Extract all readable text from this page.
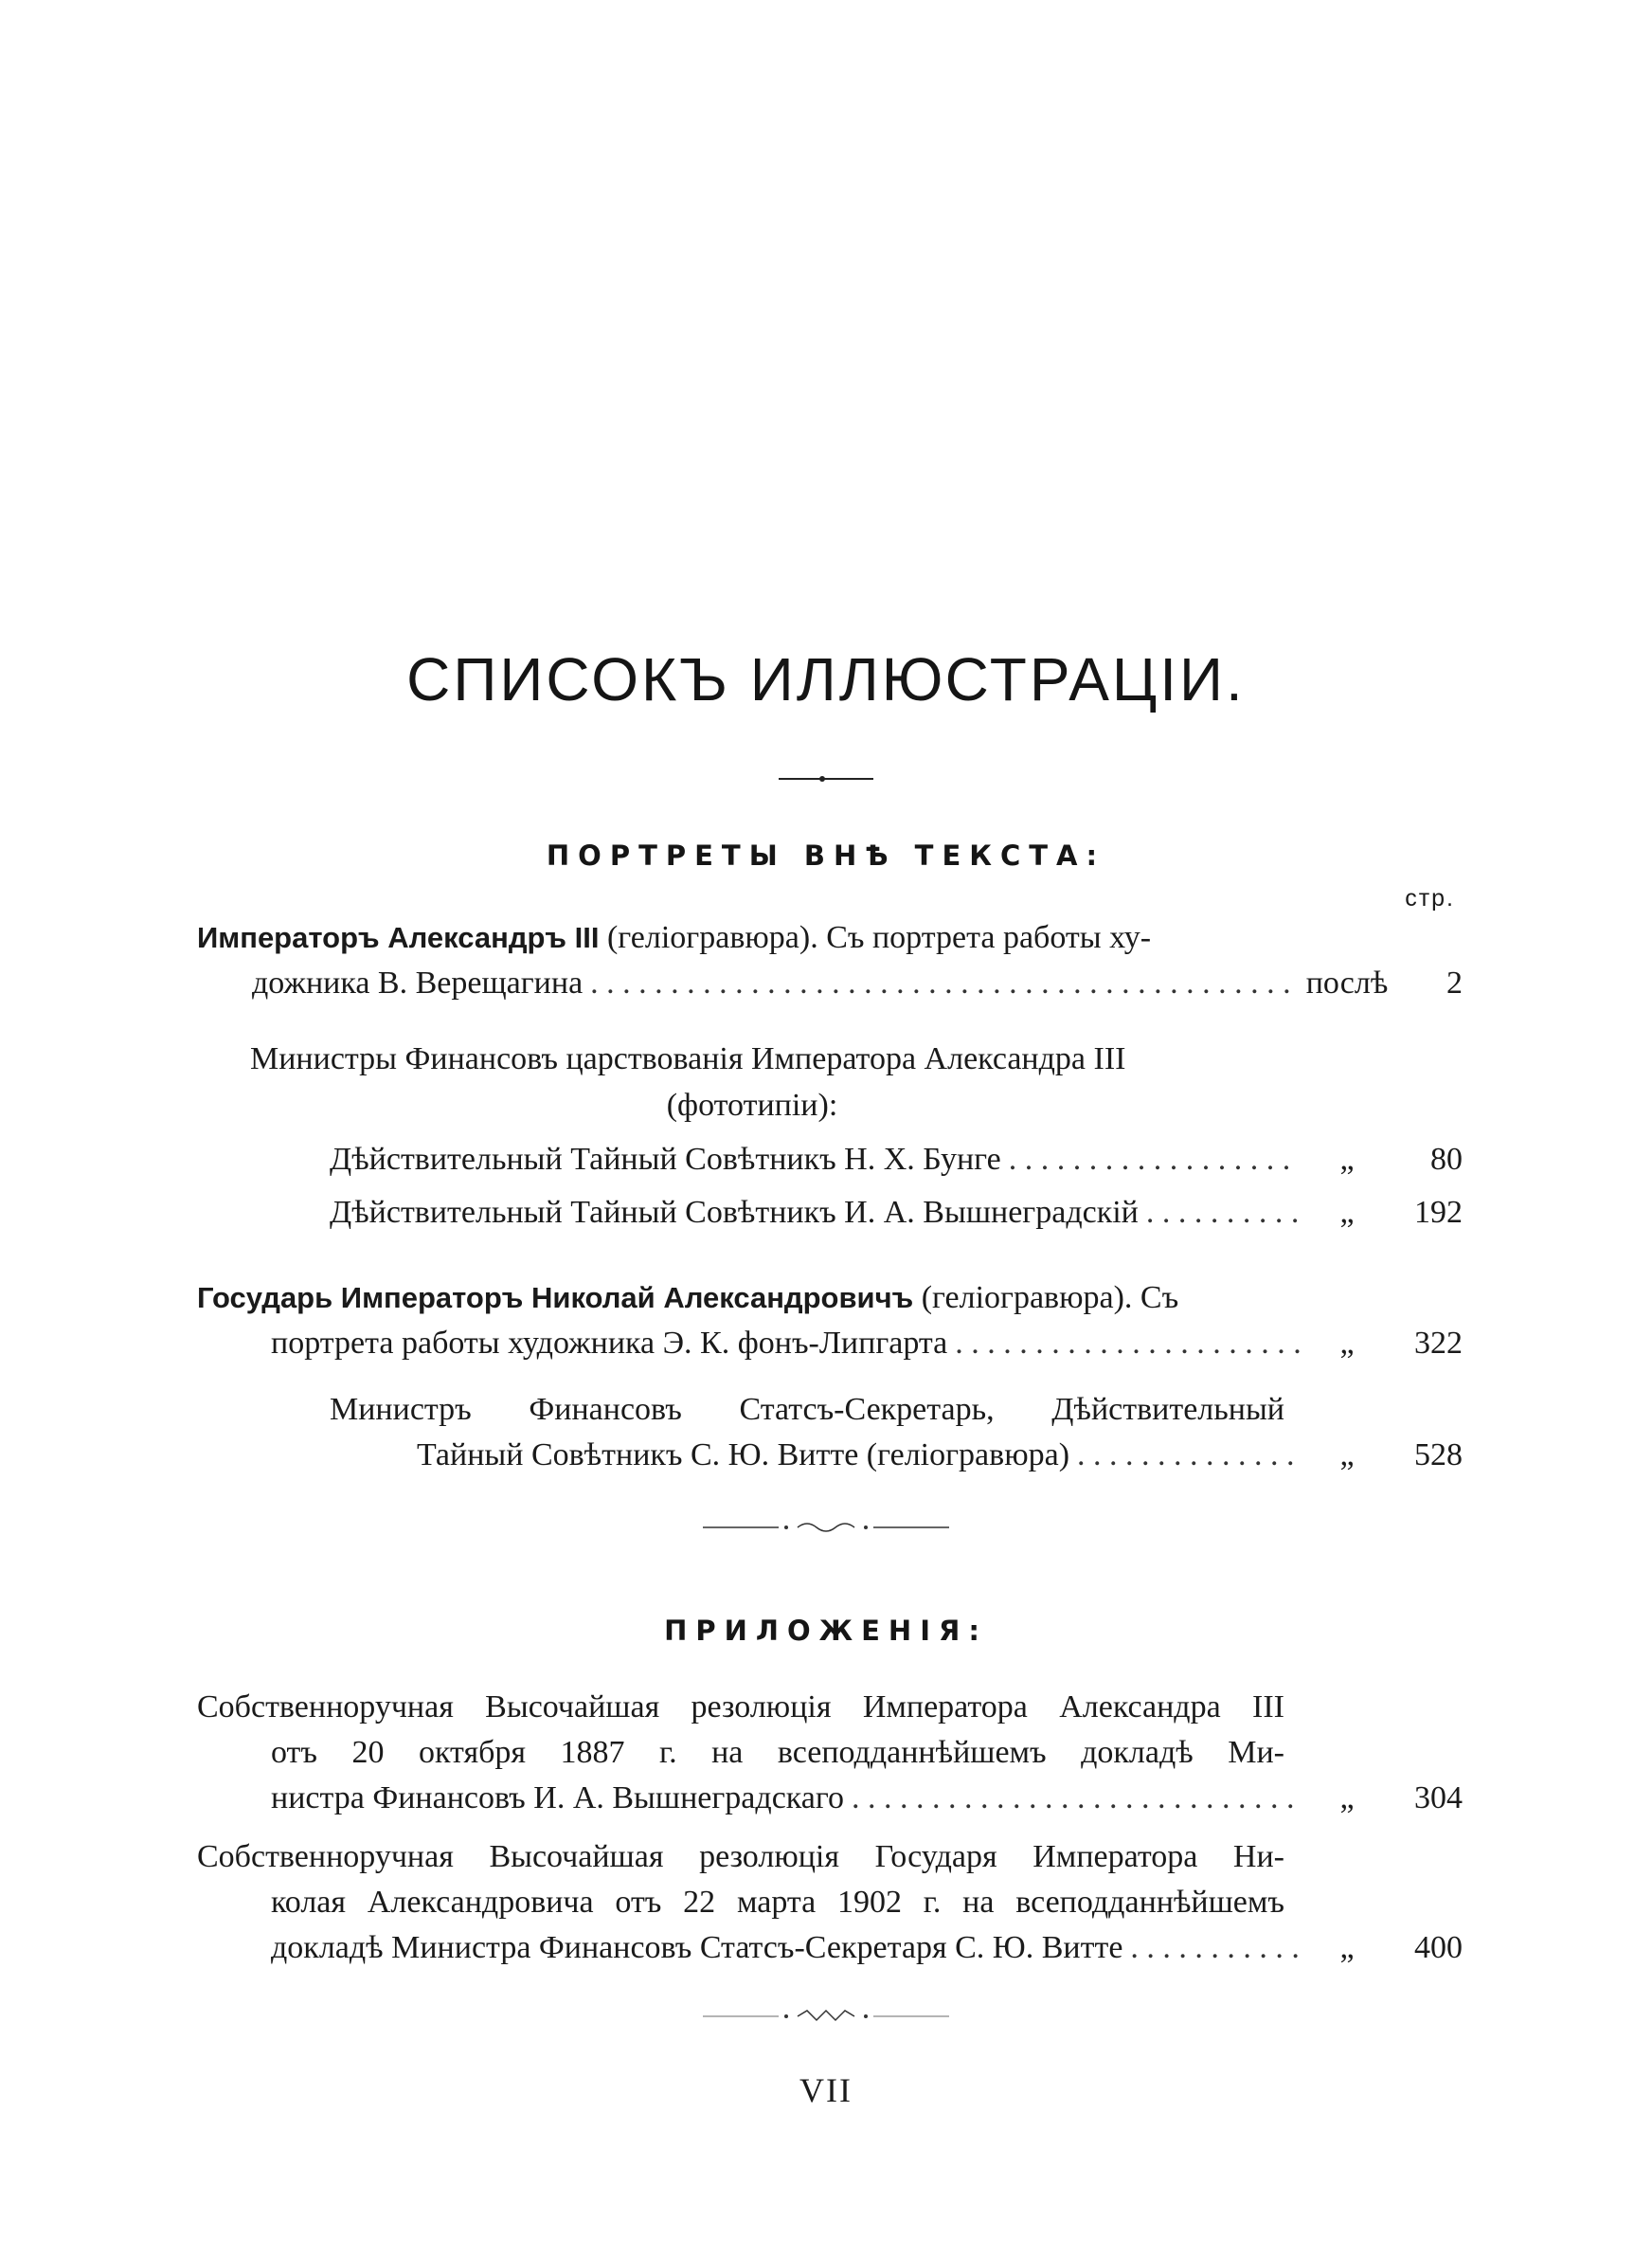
СПИСОКЪ ИЛЛЮСТРАЦІИ.
ПОРТРЕТЫ ВНѢ ТЕКСТА:
стр.
Императоръ Александръ III (геліогравюра). Съ портрета работы ху-
дожника В. Верещагина . . .	послѣ	2
Министры Финансовъ царствованія Императора Александра III
(фототипіи):
Дѣйствительный Тайный Совѣтникъ Н. Х. Бунге . . .	„	80
Дѣйствительный Тайный Совѣтникъ И. А. Вышнеградскій . . .	„	192
Государь Императоръ Николай Александровичъ (геліогравюра). Съ
портрета работы художника Э. К. фонъ-Липгарта . . .	„	322
Министръ Финансовъ Статсъ-Секретарь, Дѣйствительный
Тайный Совѣтникъ С. Ю. Витте (геліогравюра) . . .	„	528
ПРИЛОЖЕНІЯ:
Собственноручная Высочайшая резолюція Императора Александра III
отъ 20 октября 1887 г. на всеподданнѣйшемъ докладѣ Ми-
нистра Финансовъ И. А. Вышнеградскаго . . .	„	304
Собственноручная Высочайшая резолюція Государя Императора Ни-
колая Александровича отъ 22 марта 1902 г. на всеподданнѣйшемъ
докладѣ Министра Финансовъ Статсъ-Секретаря С. Ю. Витте . . .	„	400
VII
